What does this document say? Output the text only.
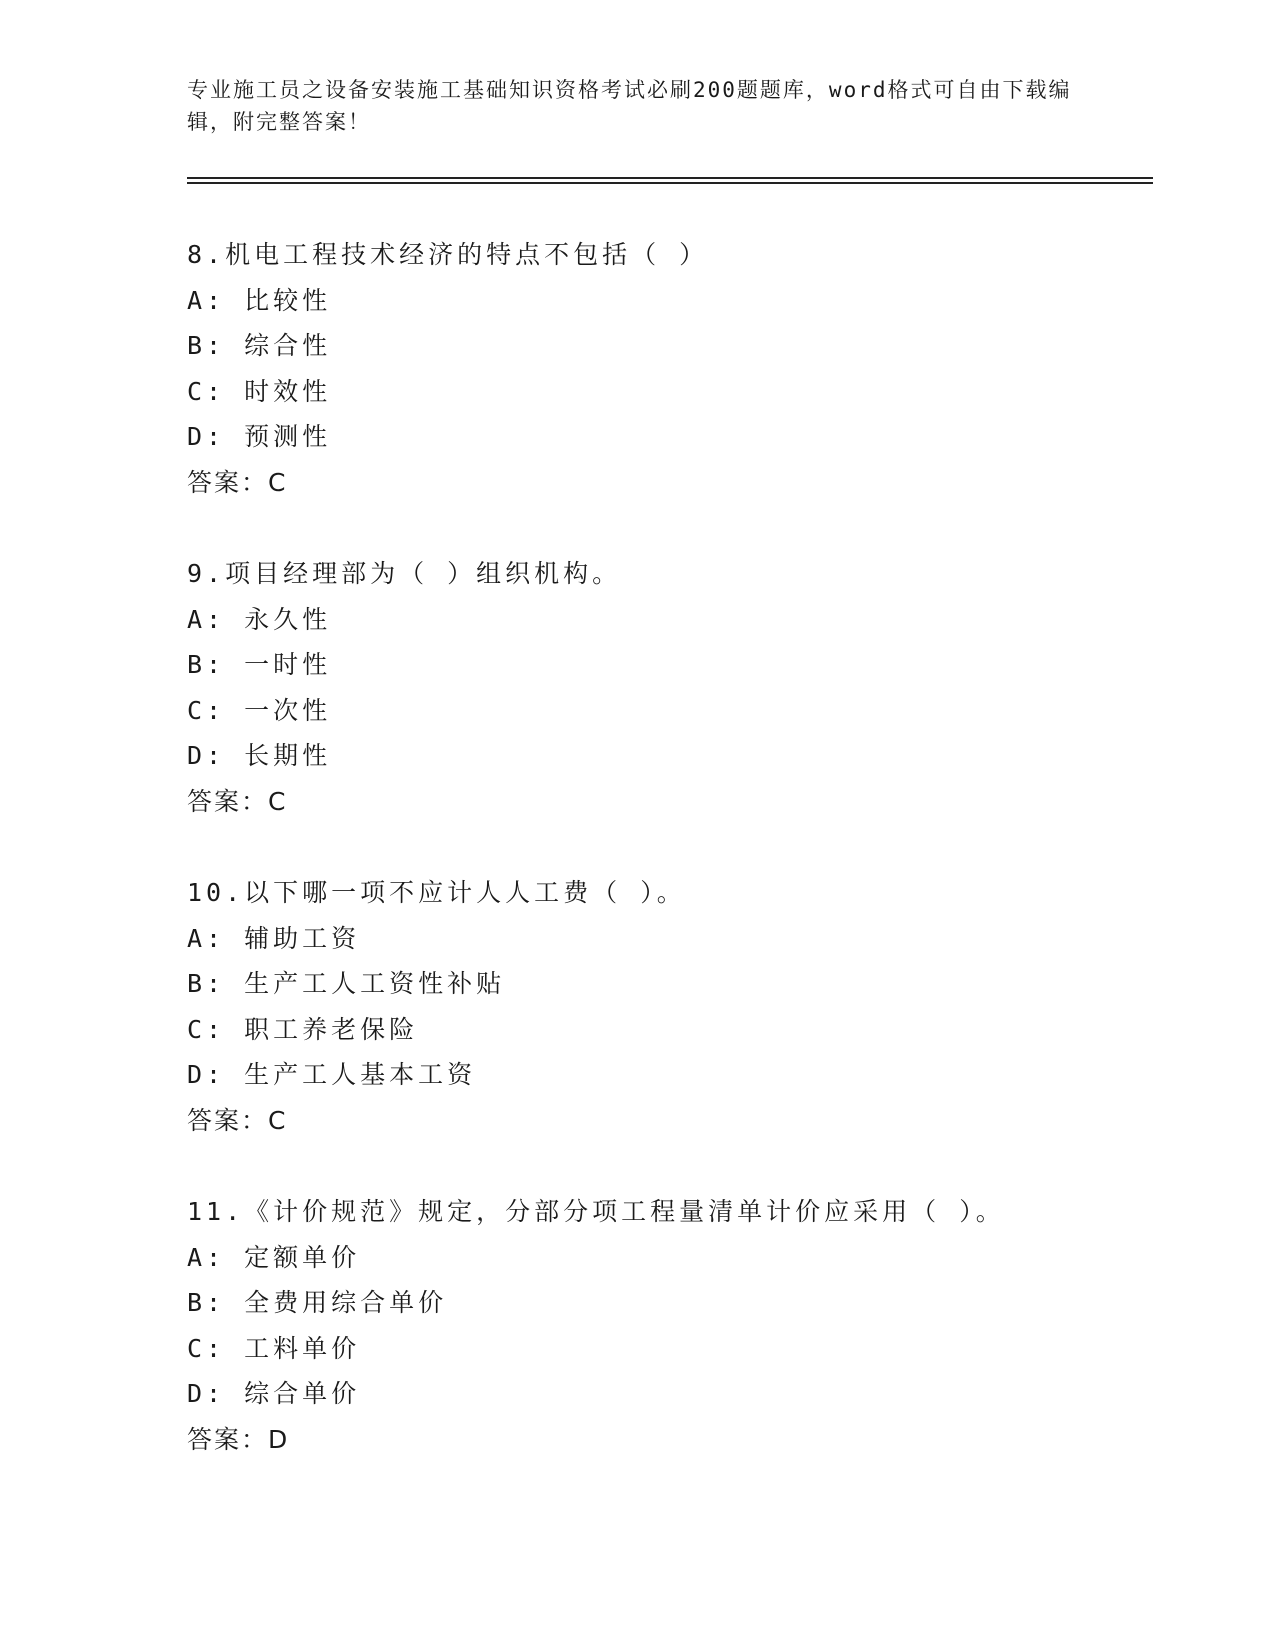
专业施工员之设备安装施工基础知识资格考试必刷200题题库，word格式可自由下载编辑，附完整答案！
8.机电工程技术经济的特点不包括（ ）
A: 比较性
B: 综合性
C: 时效性
D: 预测性
答案：C
9.项目经理部为（ ）组织机构。
A: 永久性
B: 一时性
C: 一次性
D: 长期性
答案：C
10.以下哪一项不应计人人工费（ ）。
A: 辅助工资
B: 生产工人工资性补贴
C: 职工养老保险
D: 生产工人基本工资
答案：C
11.《计价规范》规定，分部分项工程量清单计价应采用（ ）。
A: 定额单价
B: 全费用综合单价
C: 工料单价
D: 综合单价
答案：D
